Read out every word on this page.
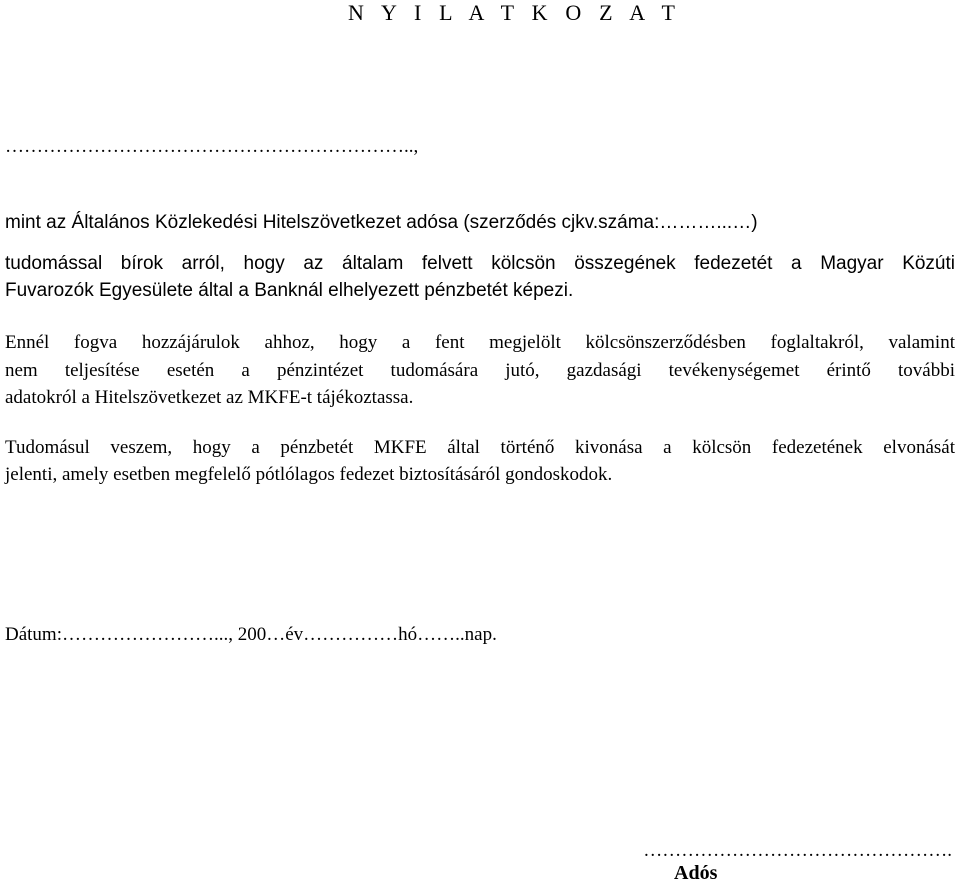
N Y I L A T K O Z A T
………………………………………………………..,
mint az Általános Közlekedési Hitelszövetkezet adósa (szerződés cjkv.száma:………...…)
tudomással bírok arról, hogy az általam felvett kölcsön összegének fedezetét a Magyar Közúti
Fuvarozók Egyesülete által a Banknál elhelyezett pénzbetét képezi.
Ennél fogva hozzájárulok ahhoz, hogy a fent megjelölt kölcsönszerződésben foglaltakról, valamint
nem teljesítése esetén a pénzintézet tudomására jutó, gazdasági tevékenységemet érintő további
adatokról a Hitelszövetkezet az MKFE-t tájékoztassa.
Tudomásul veszem, hogy a pénzbetét MKFE által történő kivonása a kölcsön fedezetének elvonását
jelenti, amely esetben megfelelő pótlólagos fedezet biztosításáról gondoskodok.
Dátum:……………………..., 200…év……………hó……..nap.
………………………………………….
Adós
